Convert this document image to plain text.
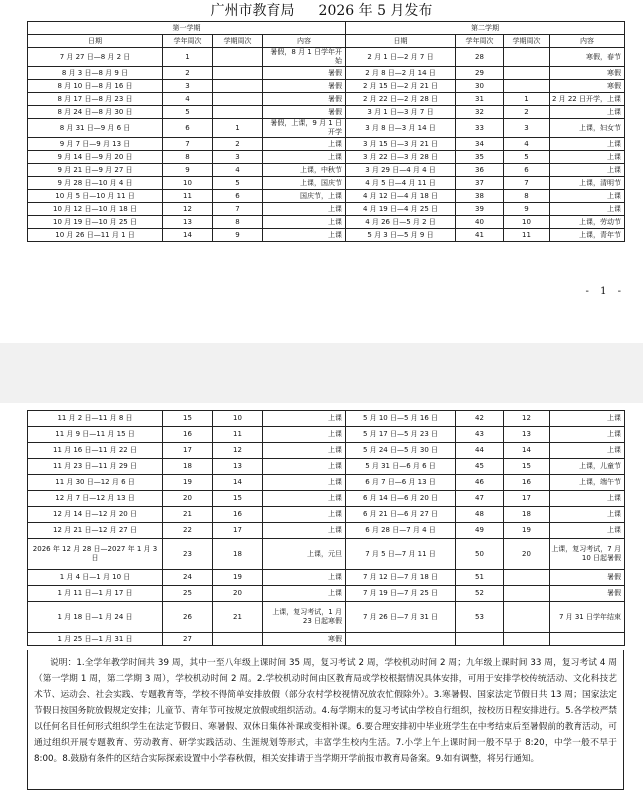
广州市教育局 2026 年 5 月发布
第一学期				第二学期			
日期	学年周次	学期周次	内容	日期	学年周次	学期周次	内容
7 月 27 日—8 月 2 日	1		暑假，8 月 1 日学年开始	2 月 1 日—2 月 7 日	28		寒假，春节
8 月 3 日—8 月 9 日	2		暑假	2 月 8 日—2 月 14 日	29		寒假
8 月 10 日—8 月 16 日	3		暑假	2 月 15 日—2 月 21 日	30		寒假
8 月 17 日—8 月 23 日	4		暑假	2 月 22 日—2 月 28 日	31	1	2 月 22 日开学，上课
8 月 24 日—8 月 30 日	5		暑假	3 月 1 日—3 月 7 日	32	2	上课
8 月 31 日—9 月 6 日	6	1	暑假，上课，9 月 1 日开学	3 月 8 日—3 月 14 日	33	3	上课，妇女节
9 月 7 日—9 月 13 日	7	2	上课	3 月 15 日—3 月 21 日	34	4	上课
9 月 14 日—9 月 20 日	8	3	上课	3 月 22 日—3 月 28 日	35	5	上课
9 月 21 日—9 月 27 日	9	4	上课，中秋节	3 月 29 日—4 月 4 日	36	6	上课
9 月 28 日—10 月 4 日	10	5	上课，国庆节	4 月 5 日—4 月 11 日	37	7	上课，清明节
10 月 5 日—10 月 11 日	11	6	国庆节，上课	4 月 12 日—4 月 18 日	38	8	上课
10 月 12 日—10 月 18 日	12	7	上课	4 月 19 日—4 月 25 日	39	9	上课
10 月 19 日—10 月 25 日	13	8	上课	4 月 26 日—5 月 2 日	40	10	上课，劳动节
10 月 26 日—11 月 1 日	14	9	上课	5 月 3 日—5 月 9 日	41	11	上课，青年节
- 1 -
11 月 2 日—11 月 8 日	15	10	上课	5 月 10 日—5 月 16 日	42	12	上课
11 月 9 日—11 月 15 日	16	11	上课	5 月 17 日—5 月 23 日	43	13	上课
11 月 16 日—11 月 22 日	17	12	上课	5 月 24 日—5 月 30 日	44	14	上课
11 月 23 日—11 月 29 日	18	13	上课	5 月 31 日—6 月 6 日	45	15	上课，儿童节
11 月 30 日—12 月 6 日	19	14	上课	6 月 7 日—6 月 13 日	46	16	上课，端午节
12 月 7 日—12 月 13 日	20	15	上课	6 月 14 日—6 月 20 日	47	17	上课
12 月 14 日—12 月 20 日	21	16	上课	6 月 21 日—6 月 27 日	48	18	上课
12 月 21 日—12 月 27 日	22	17	上课	6 月 28 日—7 月 4 日	49	19	上课
2026 年 12 月 28 日—2027 年 1 月 3 日	23	18	上课，元旦	7 月 5 日—7 月 11 日	50	20	上课，复习考试，7 月 10 日起暑假
1 月 4 日—1 月 10 日	24	19	上课	7 月 12 日—7 月 18 日	51		暑假
1 月 11 日—1 月 17 日	25	20	上课	7 月 19 日—7 月 25 日	52		暑假
1 月 18 日—1 月 24 日	26	21	上课，复习考试，1 月 23 日起寒假	7 月 26 日—7 月 31 日	53		7 月 31 日学年结束
1 月 25 日—1 月 31 日	27		寒假				
说明：1.全学年教学时间共 39 周，其中一至八年级上课时间 35 周，复习考试 2 周，学校机动时间 2 周；九年级上课时间 33 周，复习考试 4 周（第一学期 1 周，第二学期 3 周），学校机动时间 2 周。2.学校机动时间由区教育局或学校根据情况具体安排，可用于安排学校传统活动、文化科技艺术节、运动会、社会实践、专题教育等，学校不得简单安排放假（部分农村学校视情况放农忙假除外）。3.寒暑假、国家法定节假日共 13 周；国家法定节假日按国务院放假规定安排；儿童节、青年节可按规定放假或组织活动。4.每学期末的复习考试由学校自行组织，按校历日程安排进行。5.各学校严禁以任何名目任何形式组织学生在法定节假日、寒暑假、双休日集体补课或变相补课。6.要合理安排初中毕业班学生在中考结束后至暑假前的教育活动，可通过组织开展专题教育、劳动教育、研学实践活动、生涯规划等形式，丰富学生校内生活。7.小学上午上课时间一般不早于 8:20，中学一般不早于 8:00。8.鼓励有条件的区结合实际探索设置中小学春秋假，相关安排请于当学期开学前报市教育局备案。9.如有调整，将另行通知。
